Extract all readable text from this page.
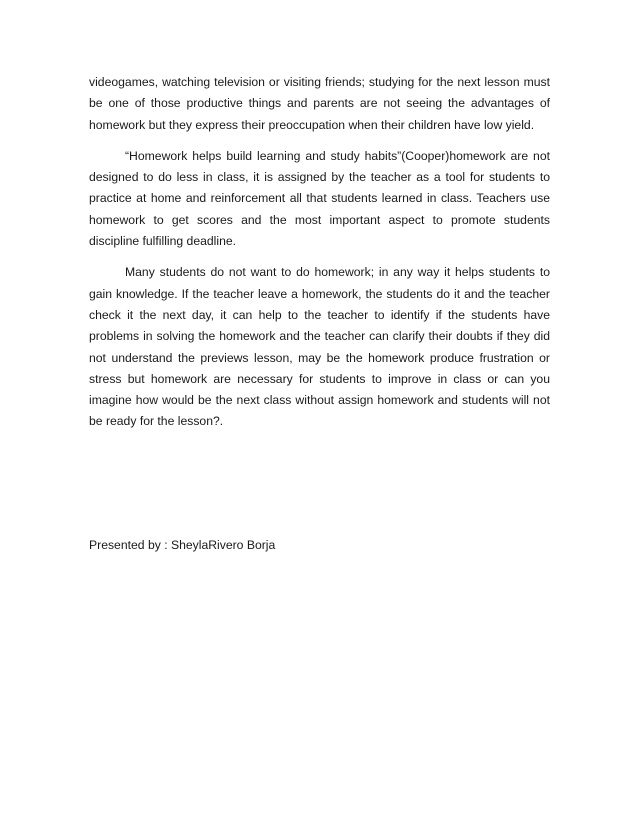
videogames, watching television or visiting friends; studying for the next lesson must be one of those productive things and parents are not seeing the advantages of homework but they express their preoccupation when their children have low yield.

“Homework helps build learning and study habits”(Cooper)homework are not designed to do less in class, it is assigned by the teacher as a tool for students to practice at home and reinforcement all that students learned in class. Teachers use homework to get scores and the most important aspect to promote students discipline fulfilling deadline.

Many students do not want to do homework; in any way it helps students to gain knowledge. If the teacher leave a homework, the students do it and the teacher check it the next day, it can help to the teacher to identify if the students have problems in solving the homework and the teacher can clarify their doubts if they did not understand the previews lesson, may be the homework produce frustration or stress but homework are necessary for students to improve in class or can you imagine how would be the next class without assign homework and students will not be ready for the lesson?.

Presented by : SheylaRivero Borja
